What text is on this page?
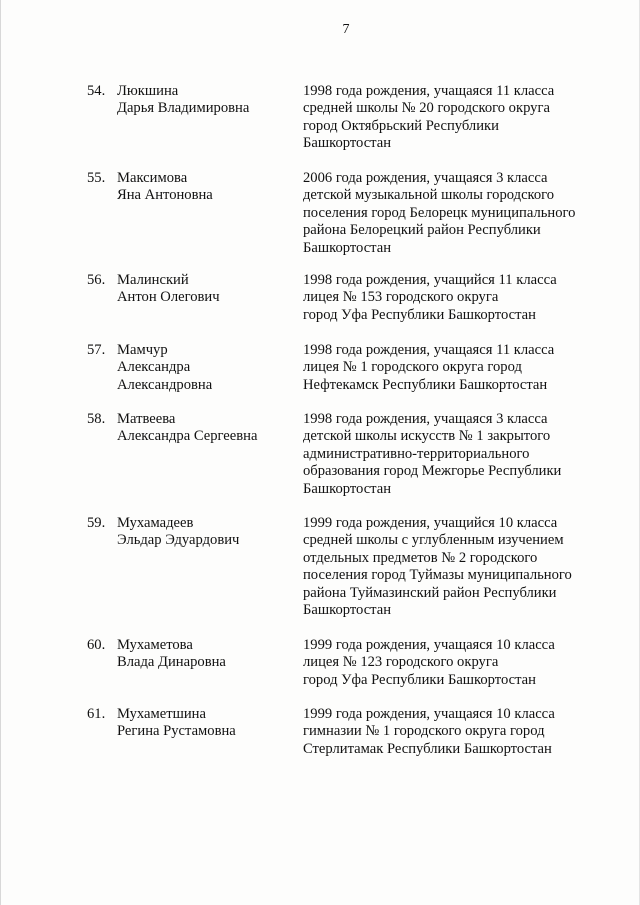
7
54. Люкшина
Дарья Владимировна
1998 года рождения, учащаяся 11 класса
средней школы № 20 городского округа
город Октябрьский Республики
Башкортостан
55. Максимова
Яна Антоновна
2006 года рождения, учащаяся 3 класса
детской музыкальной школы городского
поселения город Белорецк муниципального
района Белорецкий район Республики
Башкортостан
56. Малинский
Антон Олегович
1998 года рождения, учащийся 11 класса
лицея № 153 городского округа
город Уфа Республики Башкортостан
57. Мамчур
Александра
Александровна
1998 года рождения, учащаяся 11 класса
лицея № 1 городского округа город
Нефтекамск Республики Башкортостан
58. Матвеева
Александра Сергеевна
1998 года рождения, учащаяся 3 класса
детской школы искусств № 1 закрытого
административно-территориального
образования город Межгорье Республики
Башкортостан
59. Мухамадеев
Эльдар Эдуардович
1999 года рождения, учащийся 10 класса
средней школы с углубленным изучением
отдельных предметов № 2 городского
поселения город Туймазы муниципального
района Туймазинский район Республики
Башкортостан
60. Мухаметова
Влада Динаровна
1999 года рождения, учащаяся 10 класса
лицея № 123 городского округа
город Уфа Республики Башкортостан
61. Мухаметшина
Регина Рустамовна
1999 года рождения, учащаяся 10 класса
гимназии № 1 городского округа город
Стерлитамак Республики Башкортостан
